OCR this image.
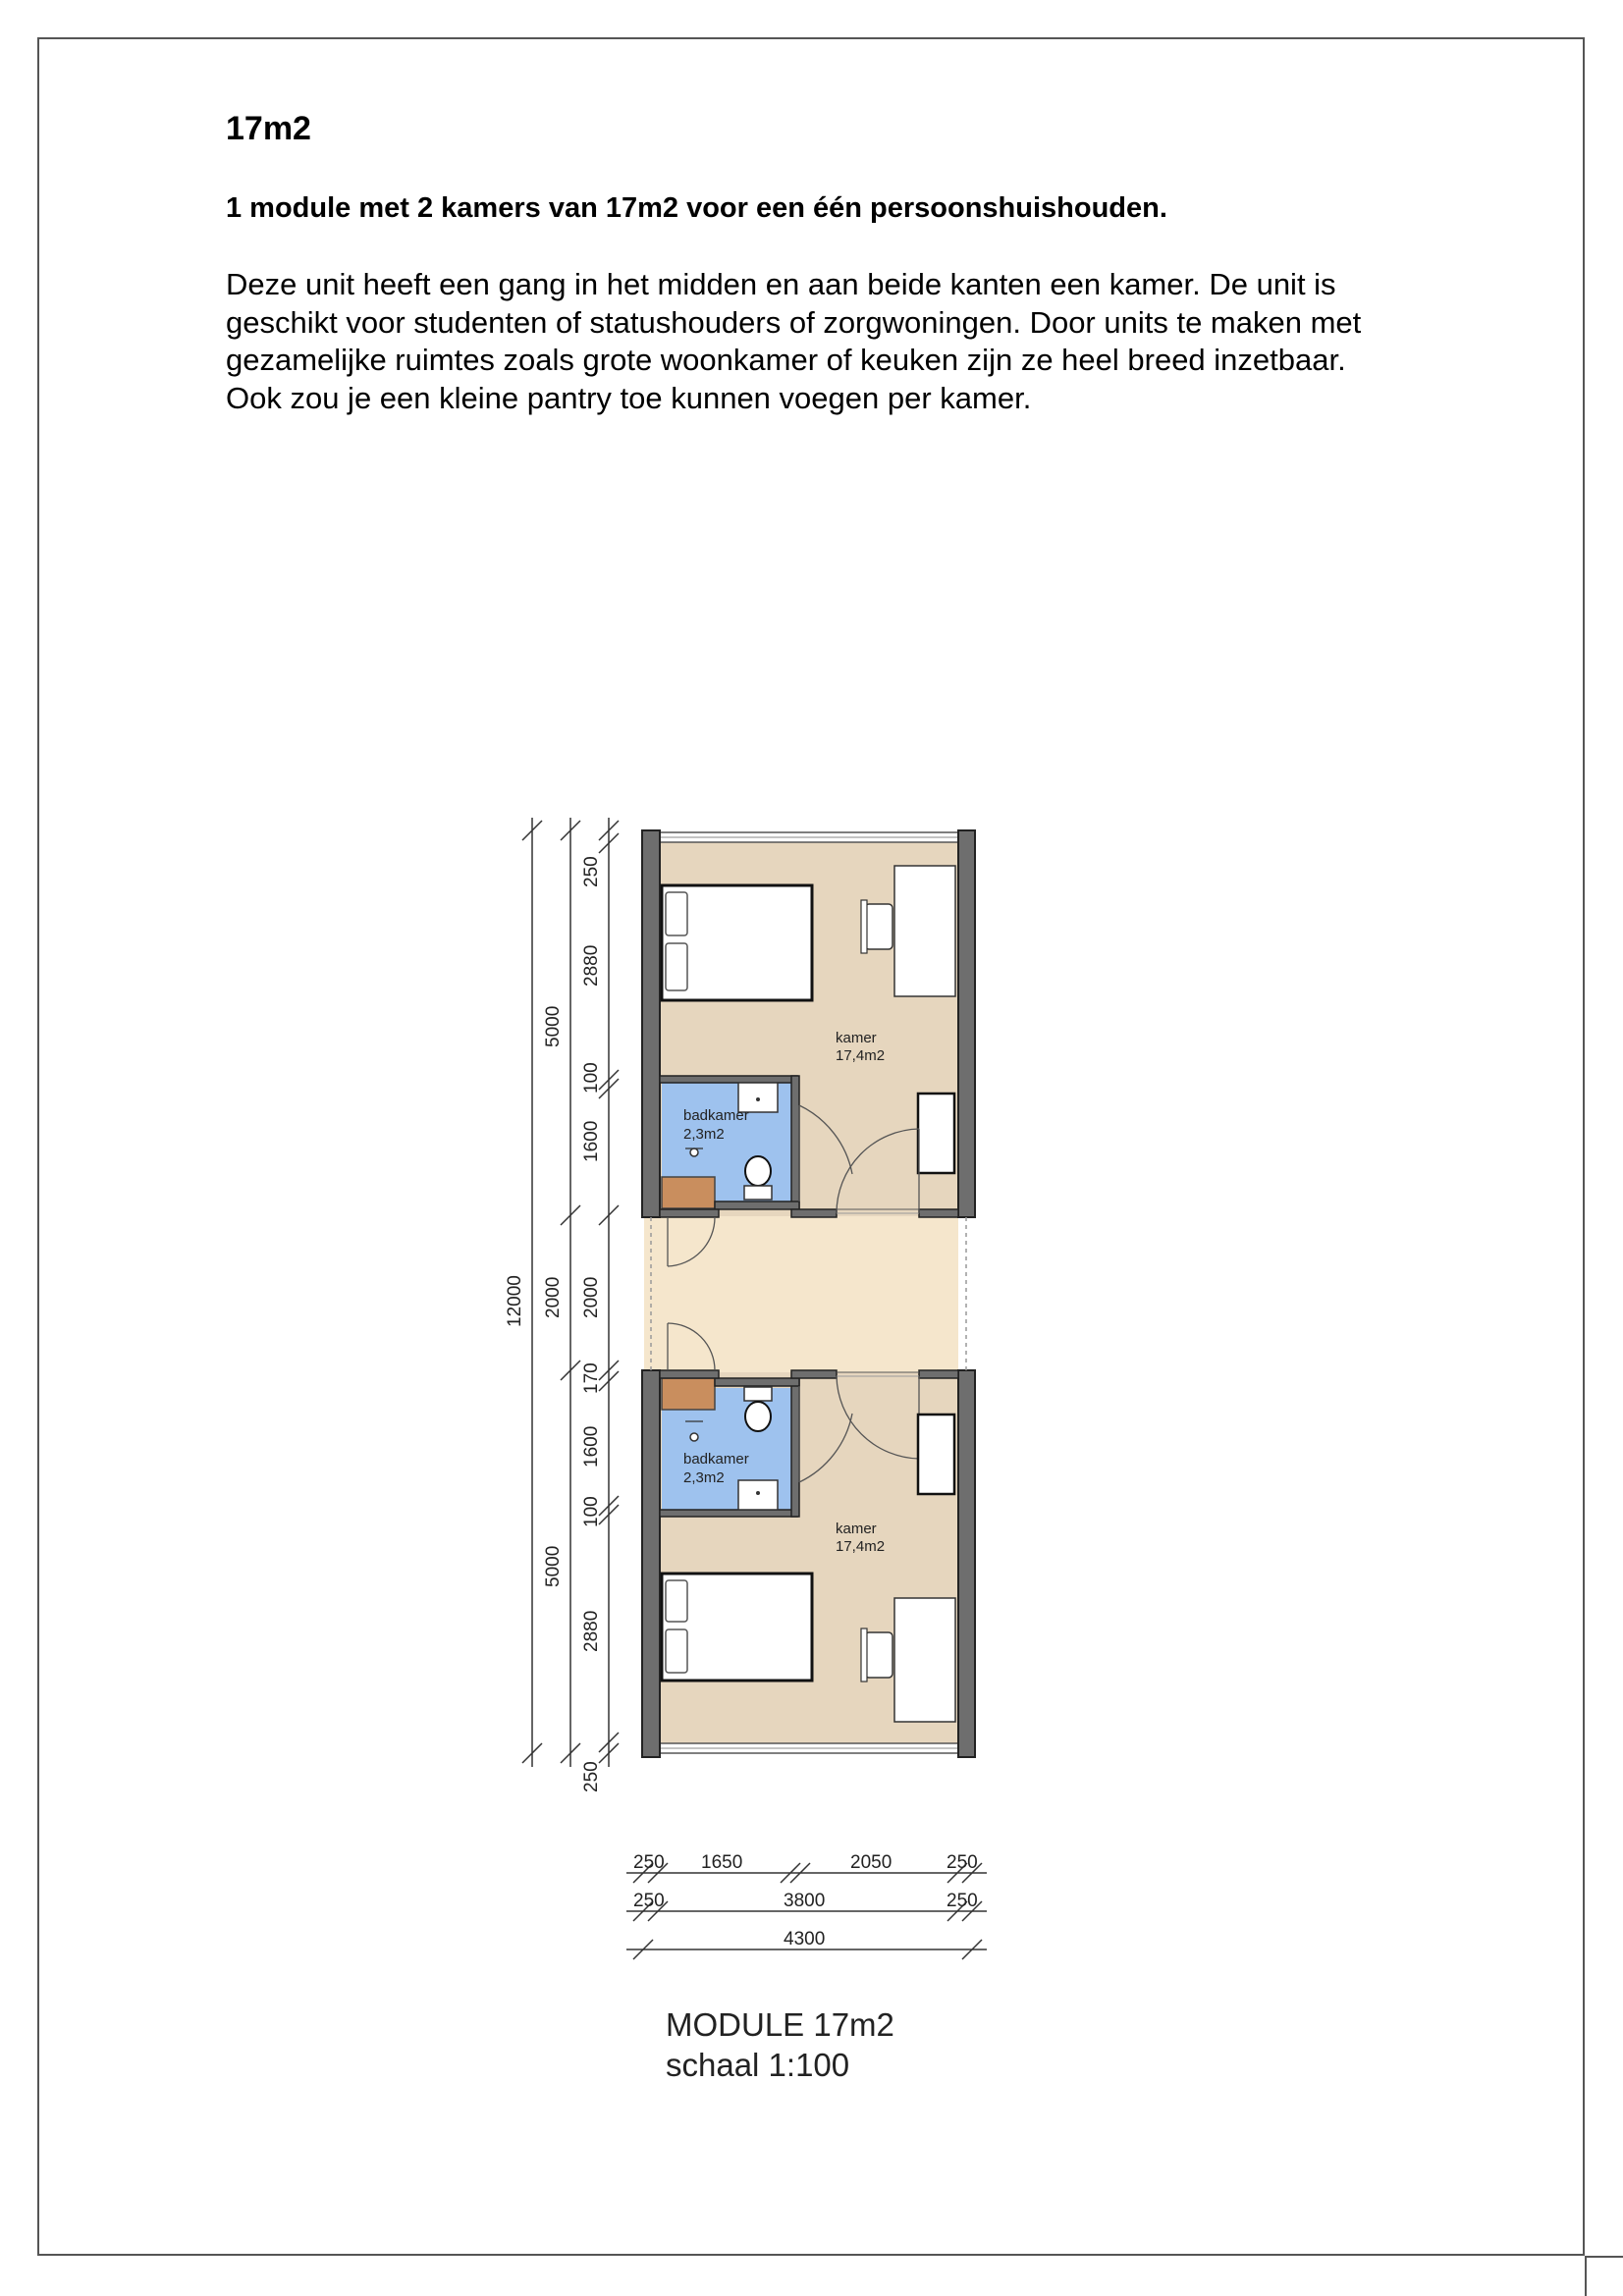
17m2
1 module met 2 kamers van 17m2 voor een één persoonshuishouden.
Deze unit heeft een gang in het midden en aan beide kanten een kamer. De unit is
geschikt voor studenten of statushouders of zorgwoningen. Door units te maken met
gezamelijke ruimtes zoals grote woonkamer of keuken zijn ze heel breed inzetbaar.
Ook zou je een kleine pantry toe kunnen voegen per kamer.
kamer
17,4m2
badkamer
2,3m2
badkamer
2,3m2
kamer
17,4m2
12000
5000
2000
5000
250
2880
100
1600
2000
170
1600
100
2880
250
250 1650	2050	250
250	3800	250
4300
MODULE 17m2
schaal 1:100
